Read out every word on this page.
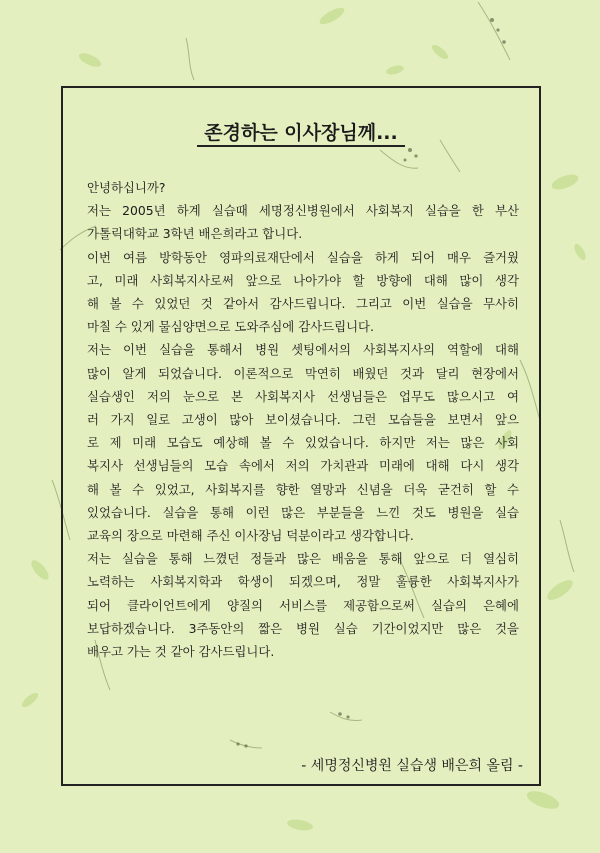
존경하는 이사장님께...
안녕하십니까?
저는 2005년 하계 실습때 세명정신병원에서 사회복지 실습을 한 부산
가톨릭대학교 3학년 배은희라고 합니다.
이번 여름 방학동안 영파의료재단에서 실습을 하게 되어 매우 즐거웠
고, 미래 사회복지사로써 앞으로 나아가야 할 방향에 대해 많이 생각
해 볼 수 있었던 것 같아서 감사드립니다. 그리고 이번 실습을 무사히
마칠 수 있게 물심양면으로 도와주심에 감사드립니다.
저는 이번 실습을 통해서 병원 셋팅에서의 사회복지사의 역할에 대해
많이 알게 되었습니다. 이론적으로 막연히 배웠던 것과 달리 현장에서
실습생인 저의 눈으로 본 사회복지사 선생님들은 업무도 많으시고 여
러 가지 일로 고생이 많아 보이셨습니다. 그런 모습들을 보면서 앞으
로 제 미래 모습도 예상해 볼 수 있었습니다. 하지만 저는 많은 사회
복지사 선생님들의 모습 속에서 저의 가치관과 미래에 대해 다시 생각
해 볼 수 있었고, 사회복지를 향한 열망과 신념을 더욱 굳건히 할 수
있었습니다. 실습을 통해 이런 많은 부분들을 느낀 것도 병원을 실습
교육의 장으로 마련해 주신 이사장님 덕분이라고 생각합니다.
저는 실습을 통해 느꼈던 정들과 많은 배움을 통해 앞으로 더 열심히
노력하는 사회복지학과 학생이 되겠으며, 정말 훌륭한 사회복지사가
되어 클라이언트에게 양질의 서비스를 제공함으로써 실습의 은혜에
보답하겠습니다. 3주동안의 짧은 병원 실습 기간이었지만 많은 것을
배우고 가는 것 같아 감사드립니다.
- 세명정신병원 실습생 배은희 올림 -
